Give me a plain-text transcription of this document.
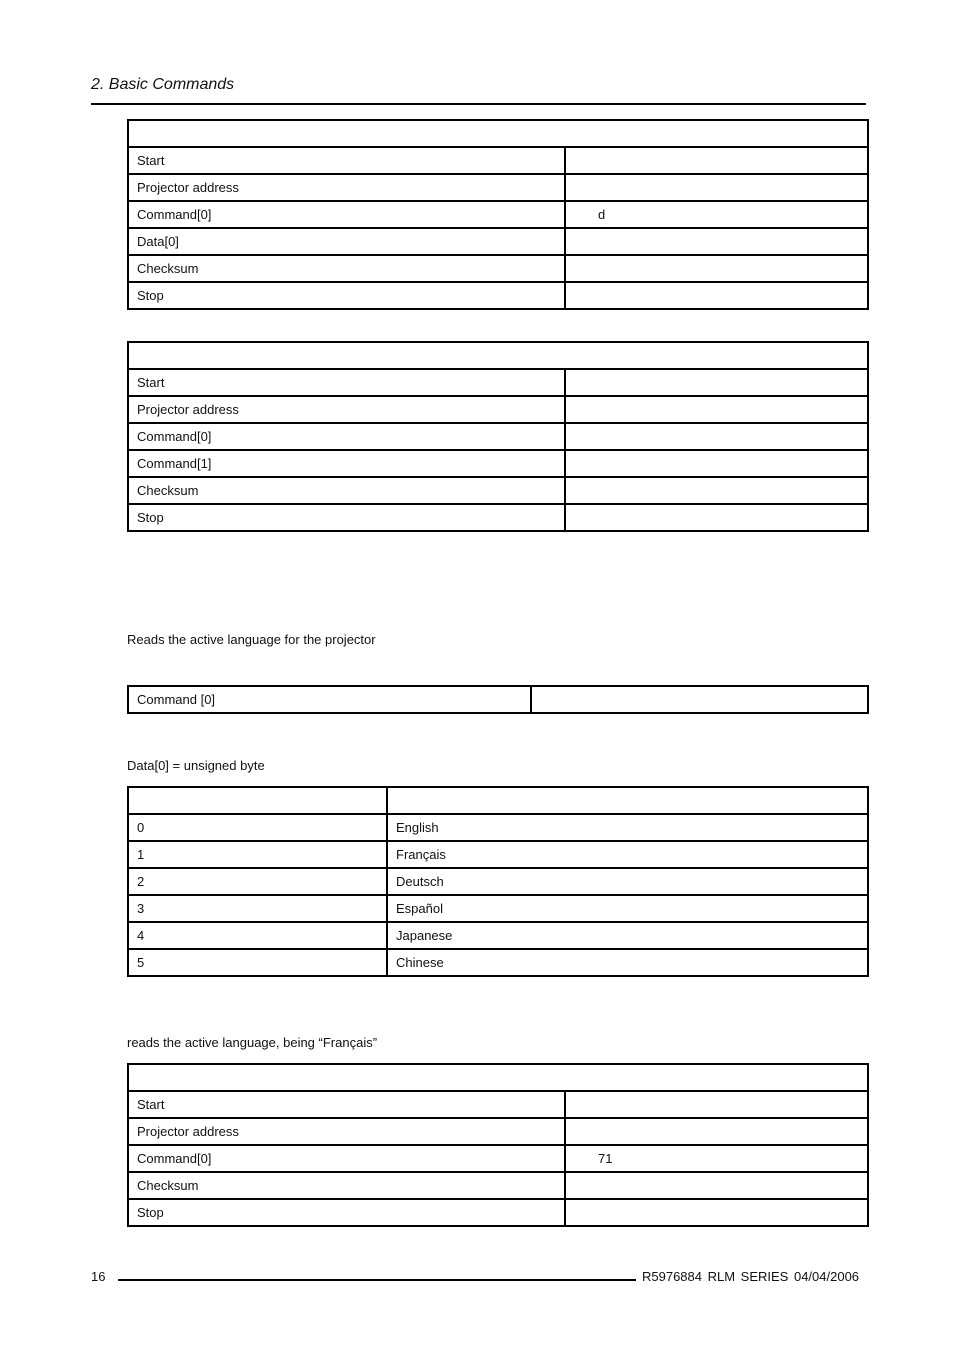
2. Basic Commands

Start	
Projector address	
Command[0]	d
Data[0]	
Checksum	
Stop	

Start	
Projector address	
Command[0]	
Command[1]	
Checksum	
Stop	
Reads the active language for the projector
Command [0]	
Data[0] = unsigned byte

0	English
1	Français
2	Deutsch
3	Español
4	Japanese
5	Chinese
reads the active language, being “Français”

Start	
Projector address	
Command[0]	71
Checksum	
Stop	
16	R5976884 RLM SERIES 04/04/2006
